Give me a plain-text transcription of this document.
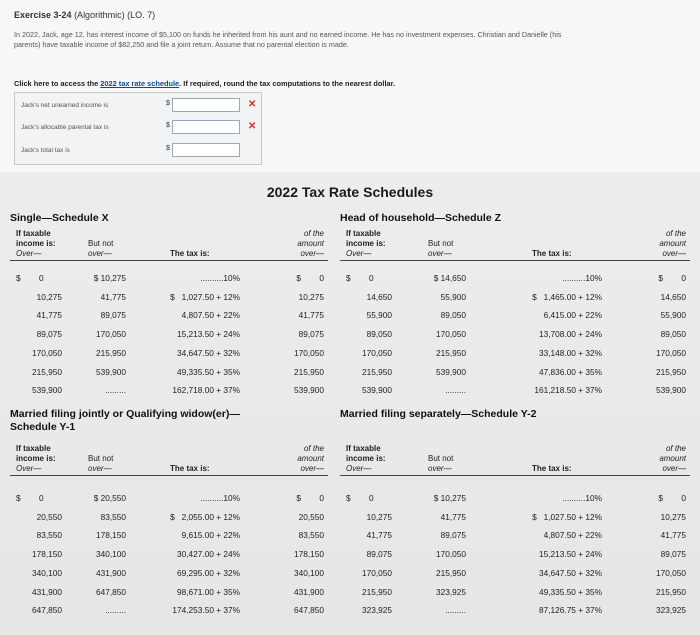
Exercise 3-24 (Algorithmic) (LO. 7)
In 2022, Jack, age 12, has interest income of $5,100 on funds he inherited from his aunt and no earned income. He has no investment expenses. Christian and Danielle (his parents) have taxable income of $82,250 and file a joint return. Assume that no parental election is made.
Click here to access the 2022 tax rate schedule. If required, round the tax computations to the nearest dollar.
Jack's net unearned income is	$	✕
Jack's allocable parental tax is	$	✕
Jack's total tax is	$
2022 Tax Rate Schedules
Single—Schedule X
If taxable
income is:
Over—
But not
over—	The tax is:
of the
amount
over—
$        0	$ 10,275	..........10%	$        0
10,275	41,775	$   1,027.50 + 12%	10,275
41,775	89,075	4,807.50 + 22%	41,775
89,075	170,050	15,213.50 + 24%	89,075
170,050	215,950	34,647.50 + 32%	170,050
215,950	539,900	49,335.50 + 35%	215,950
539,900	.........	162,718.00 + 37%	539,900
Head of household—Schedule Z
If taxable
income is:
Over—
But not
over—	The tax is:
of the
amount
over—
$        0	$ 14,650	..........10%	$        0
14,650	55,900	$   1,465.00 + 12%	14,650
55,900	89,050	6,415.00 + 22%	55,900
89,050	170,050	13,708.00 + 24%	89,050
170,050	215,950	33,148.00 + 32%	170,050
215,950	539,900	47,836.00 + 35%	215,950
539,900	.........	161,218.50 + 37%	539,900
Married filing jointly or Qualifying widow(er)—
Schedule Y-1
If taxable
income is:
Over—
But not
over—	The tax is:
of the
amount
over—
$        0	$ 20,550	..........10%	$        0
20,550	83,550	$   2,055.00 + 12%	20,550
83,550	178,150	9,615.00 + 22%	83,550
178,150	340,100	30,427.00 + 24%	178,150
340,100	431,900	69,295.00 + 32%	340,100
431,900	647,850	98,671.00 + 35%	431,900
647,850	.........	174,253.50 + 37%	647,850
Married filing separately—Schedule Y-2
If taxable
income is:
Over—
But not
over—	The tax is:
of the
amount
over—
$        0	$ 10,275	..........10%	$        0
10,275	41,775	$   1,027.50 + 12%	10,275
41,775	89,075	4,807.50 + 22%	41,775
89,075	170,050	15,213.50 + 24%	89,075
170,050	215,950	34,647.50 + 32%	170,050
215,950	323,925	49,335.50 + 35%	215,950
323,925	.........	87,126.75 + 37%	323,925
